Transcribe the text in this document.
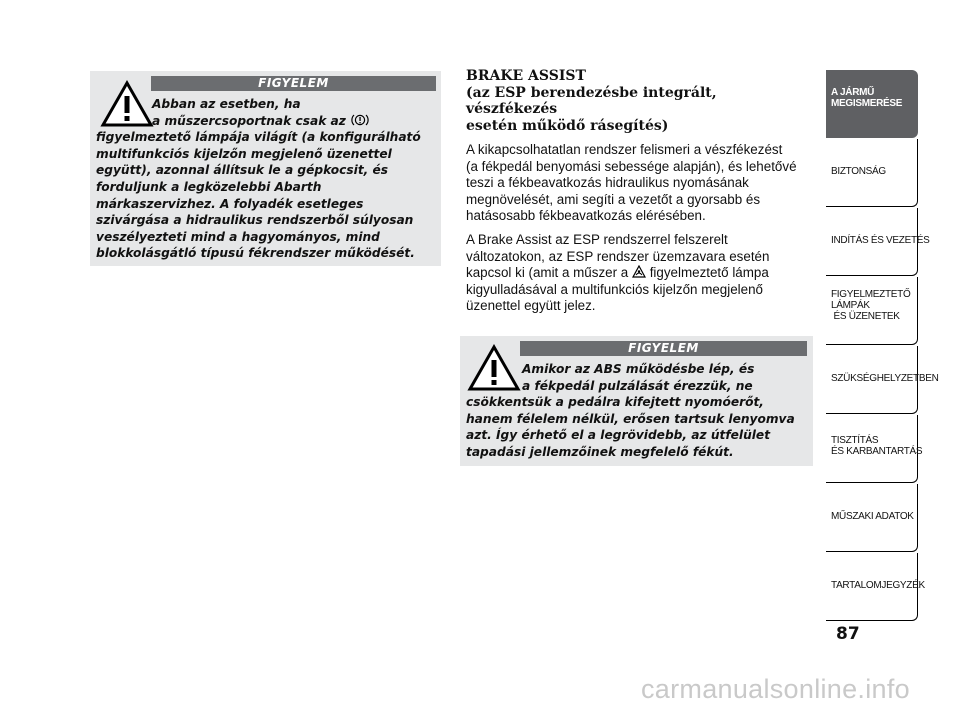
FIGYELEM
Abban az esetben, ha
a műszercsoportnak csak az
figyelmeztető lámpája világít (a konfigurálható
multifunkciós kijelzőn megjelenő üzenettel
együtt), azonnal állítsuk le a gépkocsit, és
forduljunk a legközelebbi Abarth
márkaszervizhez. A folyadék esetleges
szivárgása a hidraulikus rendszerből súlyosan
veszélyezteti mind a hagyományos, mind
blokkolásgátló típusú fékrendszer működését.

BRAKE ASSIST
(az ESP berendezésbe integrált, vészfékezés
esetén működő rásegítés)

A kikapcsolhatatlan rendszer felismeri a vészfékezést
(a fékpedál benyomási sebessége alapján), és lehetővé
teszi a fékbeavatkozás hidraulikus nyomásának
megnövelését, ami segíti a vezetőt a gyorsabb és
hatásosabb fékbeavatkozás elérésében.

A Brake Assist az ESP rendszerrel felszerelt
változatokon, az ESP rendszer üzemzavara esetén
kapcsol ki (amit a műszer a figyelmeztető lámpa
kigyulladásával a multifunkciós kijelzőn megjelenő
üzenettel együtt jelez.

FIGYELEM
Amikor az ABS működésbe lép, és
a fékpedál pulzálását érezzük, ne
csökkentsük a pedálra kifejtett nyomóerőt,
hanem félelem nélkül, erősen tartsuk lenyomva
azt. Így érhető el a legrövidebb, az útfelület
tapadási jellemzőinek megfelelő fékút.
A JÁRMŰ
MEGISMERÉSE
BIZTONSÁG
INDÍTÁS ÉS VEZETÉS
FIGYELMEZTETŐ
LÁMPÁK
ÉS ÜZENETEK
SZÜKSÉGHELYZETBEN
TISZTÍTÁS
ÉS KARBANTARTÁS
MŰSZAKI ADATOK
TARTALOMJEGYZÉK
87
carmanualsonline.info
